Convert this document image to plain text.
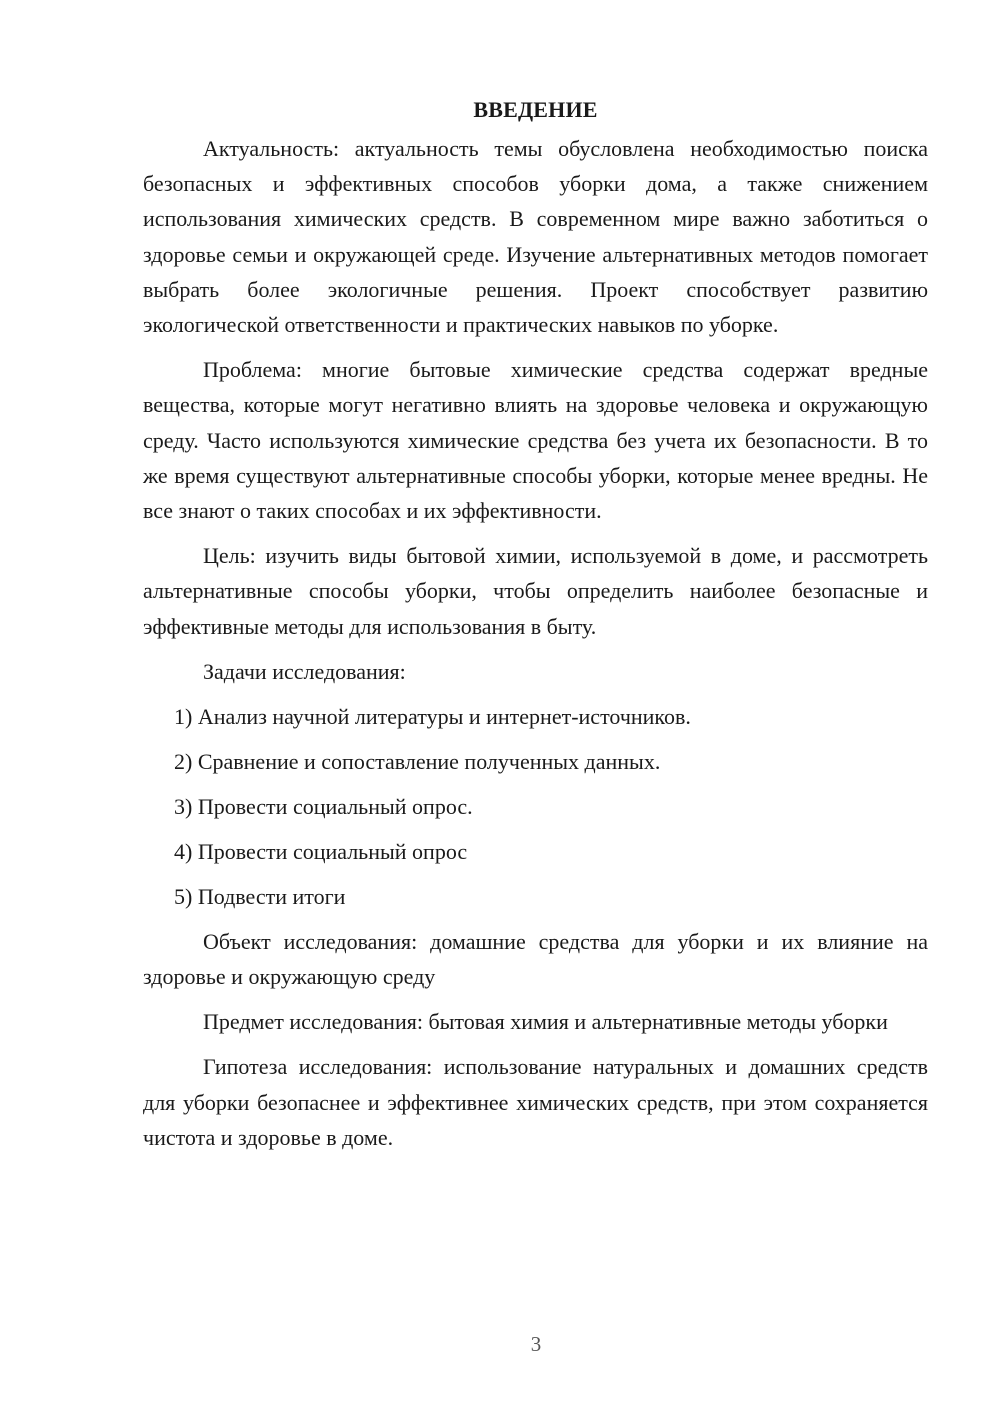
ВВЕДЕНИЕ

Актуальность: актуальность темы обусловлена необходимостью поиска безопасных и эффективных способов уборки дома, а также снижением использования химических средств. В современном мире важно заботиться о здоровье семьи и окружающей среде. Изучение альтернативных методов помогает выбрать более экологичные решения. Проект способствует развитию экологической ответственности и практических навыков по уборке.

Проблема: многие бытовые химические средства содержат вредные вещества, которые могут негативно влиять на здоровье человека и окружающую среду. Часто используются химические средства без учета их безопасности. В то же время существуют альтернативные способы уборки, которые менее вредны. Не все знают о таких способах и их эффективности.

Цель: изучить виды бытовой химии, используемой в доме, и рассмотреть альтернативные способы уборки, чтобы определить наиболее безопасные и эффективные методы для использования в быту.

Задачи исследования:
1) Анализ научной литературы и интернет-источников.
2) Сравнение и сопоставление полученных данных.
3) Провести социальный опрос.
4) Провести социальный опрос
5) Подвести итоги

Объект исследования: домашние средства для уборки и их влияние на здоровье и окружающую среду

Предмет исследования: бытовая химия и альтернативные методы уборки

Гипотеза исследования: использование натуральных и домашних средств для уборки безопаснее и эффективнее химических средств, при этом сохраняется чистота и здоровье в доме.

3
